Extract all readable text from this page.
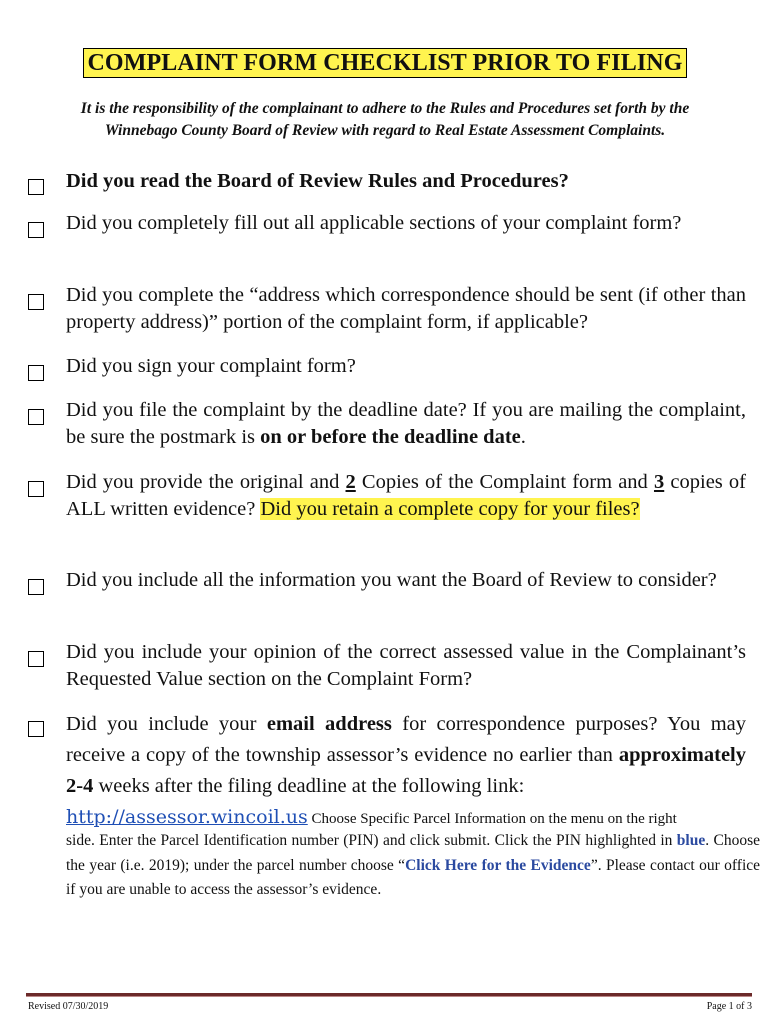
COMPLAINT FORM CHECKLIST PRIOR TO FILING
It is the responsibility of the complainant to adhere to the Rules and Procedures set forth by the
Winnebago County Board of Review with regard to Real Estate Assessment Complaints.
Did you read the Board of Review Rules and Procedures?
Did you completely fill out all applicable sections of your complaint form?
Did you complete the “address which correspondence should be sent (if other than property address)” portion of the complaint form, if applicable?
Did you sign your complaint form?
Did you file the complaint by the deadline date? If you are mailing the complaint, be sure the postmark is on or before the deadline date.
Did you provide the original and 2 Copies of the Complaint form and 3 copies of ALL written evidence? Did you retain a complete copy for your files?
Did you include all the information you want the Board of Review to consider?
Did you include your opinion of the correct assessed value in the Complainant’s Requested Value section on the Complaint Form?
Did you include your email address for correspondence purposes? You may receive a copy of the township assessor’s evidence no earlier than approximately 2-4 weeks after the filing deadline at the following link:
http://assessor.wincoil.us Choose Specific Parcel Information on the menu on the right
side. Enter the Parcel Identification number (PIN) and click submit. Click the PIN highlighted in blue. Choose the year (i.e. 2019); under the parcel number choose “Click Here for the Evidence”. Please contact our office if you are unable to access the assessor’s evidence.
Revised 07/30/2019	Page 1 of 3
